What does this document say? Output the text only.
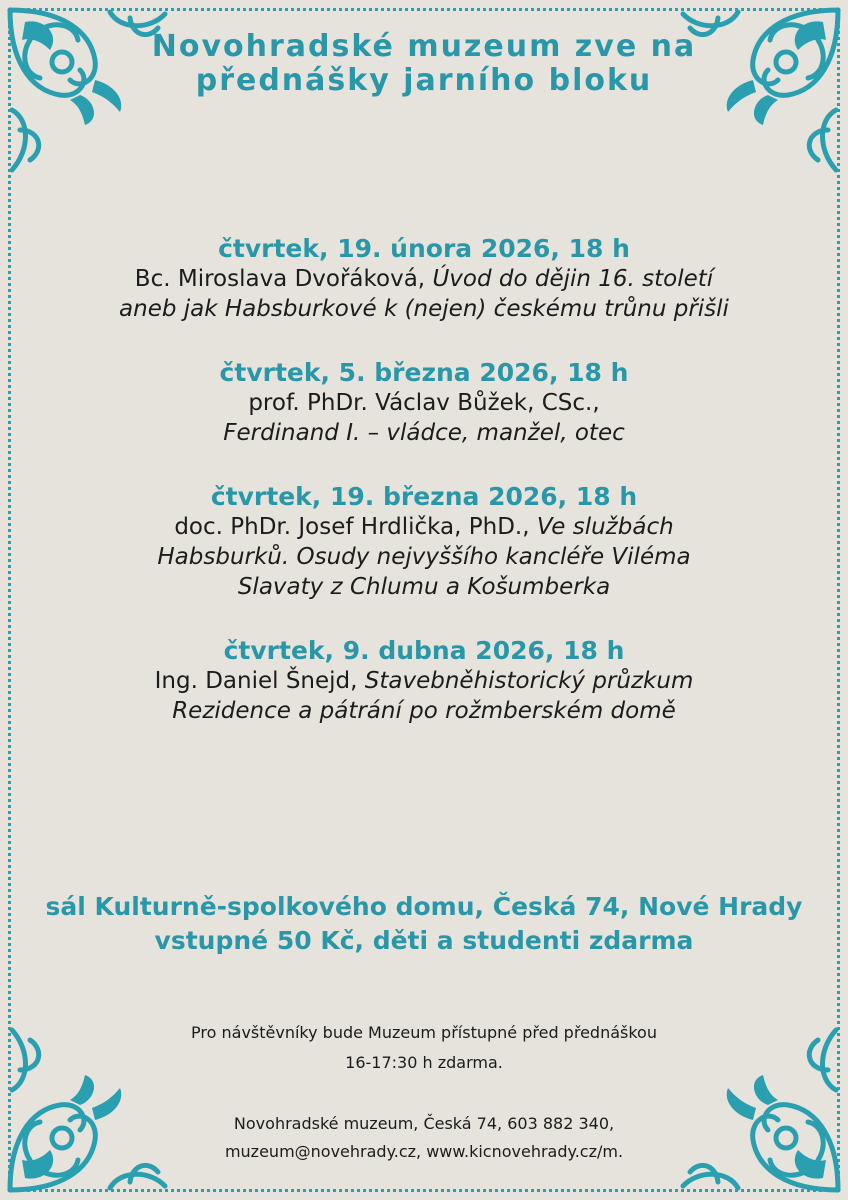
Novohradské muzeum zve na
přednášky jarního bloku
čtvrtek, 19. února 2026, 18 h
Bc. Miroslava Dvořáková, Úvod do dějin 16. století
aneb jak Habsburkové k (nejen) českému trůnu přišli
čtvrtek, 5. března 2026, 18 h
prof. PhDr. Václav Bůžek, CSc.,
Ferdinand I. – vládce, manžel, otec
čtvrtek, 19. března 2026, 18 h
doc. PhDr. Josef Hrdlička, PhD., Ve službách
Habsburků. Osudy nejvyššího kancléře Viléma
Slavaty z Chlumu a Košumberka
čtvrtek, 9. dubna 2026, 18 h
Ing. Daniel Šnejd, Stavebněhistorický průzkum
Rezidence a pátrání po rožmberském domě
sál Kulturně-spolkového domu, Česká 74, Nové Hrady
vstupné 50 Kč, děti a studenti zdarma
Pro návštěvníky bude Muzeum přístupné před přednáškou
16-17:30 h zdarma.
Novohradské muzeum, Česká 74, 603 882 340,
muzeum@novehrady.cz, www.kicnovehrady.cz/m.
